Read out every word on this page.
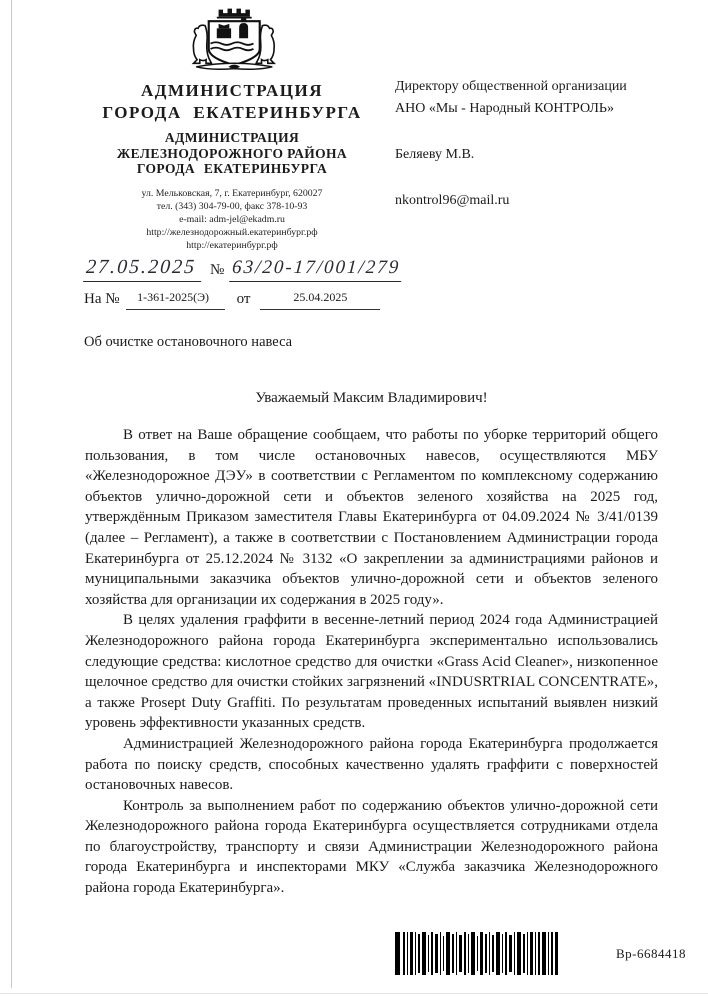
АДМИНИСТРАЦИЯ
ГОРОДА ЕКАТЕРИНБУРГА
АДМИНИСТРАЦИЯ
ЖЕЛЕЗНОДОРОЖНОГО РАЙОНА
ГОРОДА ЕКАТЕРИНБУРГА
ул. Мельковская, 7, г. Екатеринбург, 620027
тел. (343) 304-79-00, факс 378-10-93
e-mail: adm-jel@ekadm.ru
http://железнодорожный.екатеринбург.рф
http://екатеринбург.рф
Директору общественной организации
АНО «Мы - Народный КОНТРОЛЬ»
Беляеву М.В.
nkontrol96@mail.ru
27.05.2025 № 63/20-17/001/279
На №	1-361-2025(Э)	от	25.04.2025
Об очистке остановочного навеса
Уважаемый Максим Владимирович!

В ответ на Ваше обращение сообщаем, что работы по уборке территорий общего пользования, в том числе остановочных навесов, осуществляются МБУ «Железнодорожное ДЭУ» в соответствии с Регламентом по комплексному содержанию объектов улично-дорожной сети и объектов зеленого хозяйства на 2025 год, утверждённым Приказом заместителя Главы Екатеринбурга от 04.09.2024 № 3/41/0139 (далее – Регламент), а также в соответствии с Постановлением Администрации города Екатеринбурга от 25.12.2024 № 3132 «О закреплении за администрациями районов и муниципальными заказчика объектов улично-дорожной сети и объектов зеленого хозяйства для организации их содержания в 2025 году».

В целях удаления граффити в весенне-летний период 2024 года Администрацией Железнодорожного района города Екатеринбурга экспериментально использовались следующие средства: кислотное средство для очистки «Grass Acid Cleaner», низкопенное щелочное средство для очистки стойких загрязнений «INDUSRTRIAL CONCENTRATE», а также Prosept Duty Graffiti. По результатам проведенных испытаний выявлен низкий уровень эффективности указанных средств.

Администрацией Железнодорожного района города Екатеринбурга продолжается работа по поиску средств, способных качественно удалять граффити с поверхностей остановочных навесов.

Контроль за выполнением работ по содержанию объектов улично-дорожной сети Железнодорожного района города Екатеринбурга осуществляется сотрудниками отдела по благоустройству, транспорту и связи Администрации Железнодорожного района города Екатеринбурга и инспекторами МКУ «Служба заказчика Железнодорожного района города Екатеринбурга».

Вр-6684418
